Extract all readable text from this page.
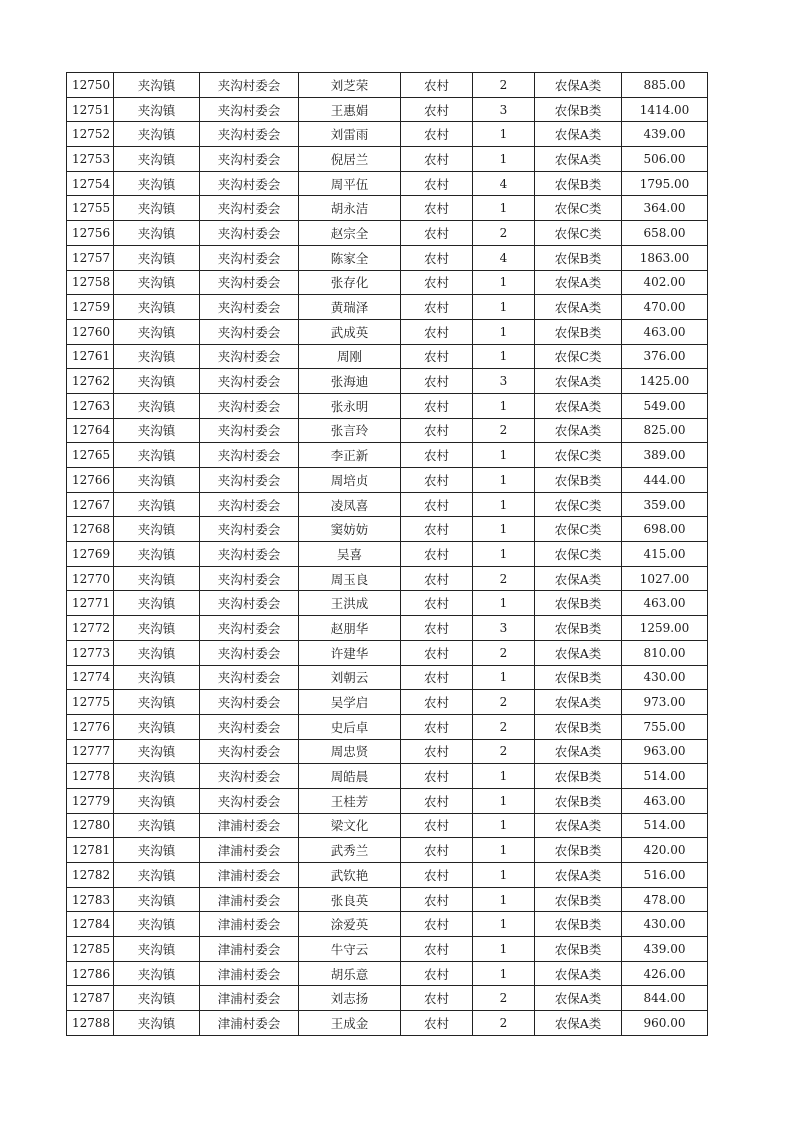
12750	夹沟镇	夹沟村委会	刘芝荣	农村	2	农保A类	885.00
12751	夹沟镇	夹沟村委会	王惠娟	农村	3	农保B类	1414.00
12752	夹沟镇	夹沟村委会	刘雷雨	农村	1	农保A类	439.00
12753	夹沟镇	夹沟村委会	倪居兰	农村	1	农保A类	506.00
12754	夹沟镇	夹沟村委会	周平伍	农村	4	农保B类	1795.00
12755	夹沟镇	夹沟村委会	胡永洁	农村	1	农保C类	364.00
12756	夹沟镇	夹沟村委会	赵宗全	农村	2	农保C类	658.00
12757	夹沟镇	夹沟村委会	陈家全	农村	4	农保B类	1863.00
12758	夹沟镇	夹沟村委会	张存化	农村	1	农保A类	402.00
12759	夹沟镇	夹沟村委会	黄瑞泽	农村	1	农保A类	470.00
12760	夹沟镇	夹沟村委会	武成英	农村	1	农保B类	463.00
12761	夹沟镇	夹沟村委会	周刚	农村	1	农保C类	376.00
12762	夹沟镇	夹沟村委会	张海迪	农村	3	农保A类	1425.00
12763	夹沟镇	夹沟村委会	张永明	农村	1	农保A类	549.00
12764	夹沟镇	夹沟村委会	张言玲	农村	2	农保A类	825.00
12765	夹沟镇	夹沟村委会	李正新	农村	1	农保C类	389.00
12766	夹沟镇	夹沟村委会	周培贞	农村	1	农保B类	444.00
12767	夹沟镇	夹沟村委会	凌凤喜	农村	1	农保C类	359.00
12768	夹沟镇	夹沟村委会	窦妨妨	农村	1	农保C类	698.00
12769	夹沟镇	夹沟村委会	吴喜	农村	1	农保C类	415.00
12770	夹沟镇	夹沟村委会	周玉良	农村	2	农保A类	1027.00
12771	夹沟镇	夹沟村委会	王洪成	农村	1	农保B类	463.00
12772	夹沟镇	夹沟村委会	赵朋华	农村	3	农保B类	1259.00
12773	夹沟镇	夹沟村委会	许建华	农村	2	农保A类	810.00
12774	夹沟镇	夹沟村委会	刘朝云	农村	1	农保B类	430.00
12775	夹沟镇	夹沟村委会	吴学启	农村	2	农保A类	973.00
12776	夹沟镇	夹沟村委会	史后卓	农村	2	农保B类	755.00
12777	夹沟镇	夹沟村委会	周忠贤	农村	2	农保A类	963.00
12778	夹沟镇	夹沟村委会	周皓晨	农村	1	农保B类	514.00
12779	夹沟镇	夹沟村委会	王桂芳	农村	1	农保B类	463.00
12780	夹沟镇	津浦村委会	梁文化	农村	1	农保A类	514.00
12781	夹沟镇	津浦村委会	武秀兰	农村	1	农保B类	420.00
12782	夹沟镇	津浦村委会	武钦艳	农村	1	农保A类	516.00
12783	夹沟镇	津浦村委会	张良英	农村	1	农保B类	478.00
12784	夹沟镇	津浦村委会	涂爱英	农村	1	农保B类	430.00
12785	夹沟镇	津浦村委会	牛守云	农村	1	农保B类	439.00
12786	夹沟镇	津浦村委会	胡乐意	农村	1	农保A类	426.00
12787	夹沟镇	津浦村委会	刘志扬	农村	2	农保A类	844.00
12788	夹沟镇	津浦村委会	王成金	农村	2	农保A类	960.00
